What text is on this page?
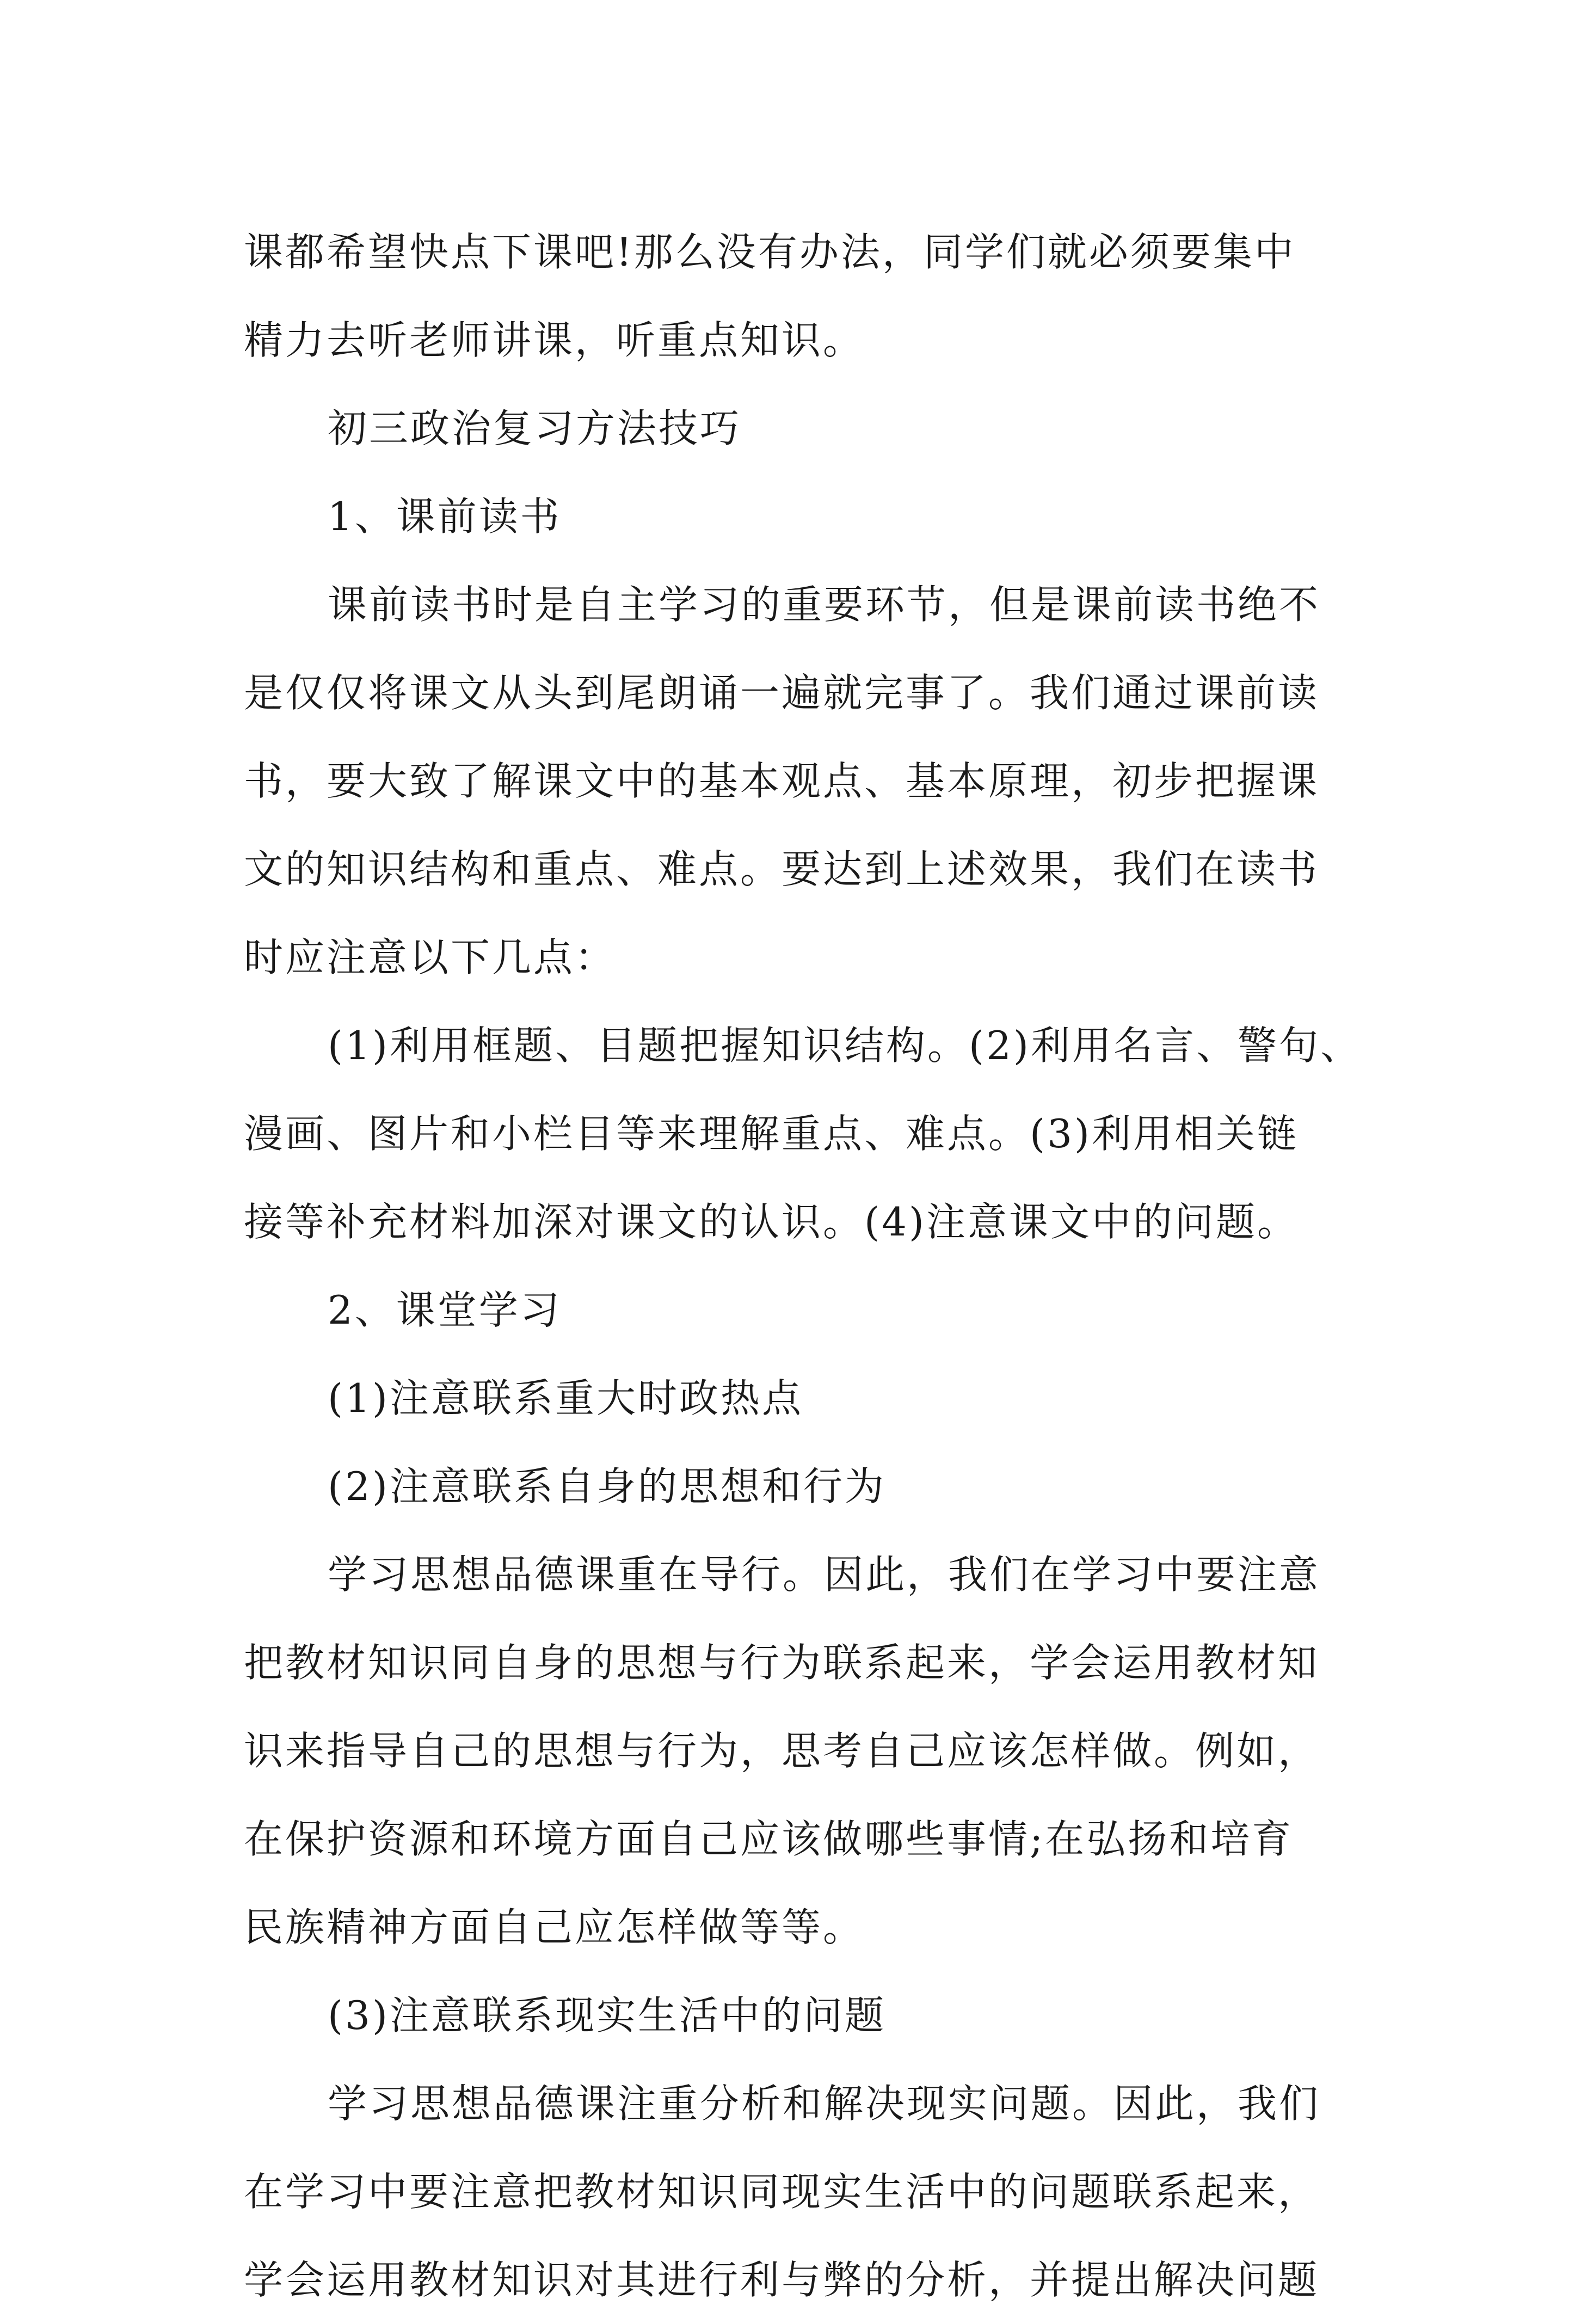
课都希望快点下课吧!那么没有办法，同学们就必须要集中
精力去听老师讲课，听重点知识。
初三政治复习方法技巧
1、课前读书
课前读书时是自主学习的重要环节，但是课前读书绝不
是仅仅将课文从头到尾朗诵一遍就完事了。我们通过课前读
书，要大致了解课文中的基本观点、基本原理，初步把握课
文的知识结构和重点、难点。要达到上述效果，我们在读书
时应注意以下几点：
(1)利用框题、目题把握知识结构。(2)利用名言、警句、
漫画、图片和小栏目等来理解重点、难点。(3)利用相关链
接等补充材料加深对课文的认识。(4)注意课文中的问题。
2、课堂学习
(1)注意联系重大时政热点
(2)注意联系自身的思想和行为
学习思想品德课重在导行。因此，我们在学习中要注意
把教材知识同自身的思想与行为联系起来，学会运用教材知
识来指导自己的思想与行为，思考自己应该怎样做。例如，
在保护资源和环境方面自己应该做哪些事情;在弘扬和培育
民族精神方面自己应怎样做等等。
(3)注意联系现实生活中的问题
学习思想品德课注重分析和解决现实问题。因此，我们
在学习中要注意把教材知识同现实生活中的问题联系起来，
学会运用教材知识对其进行利与弊的分析，并提出解决问题
